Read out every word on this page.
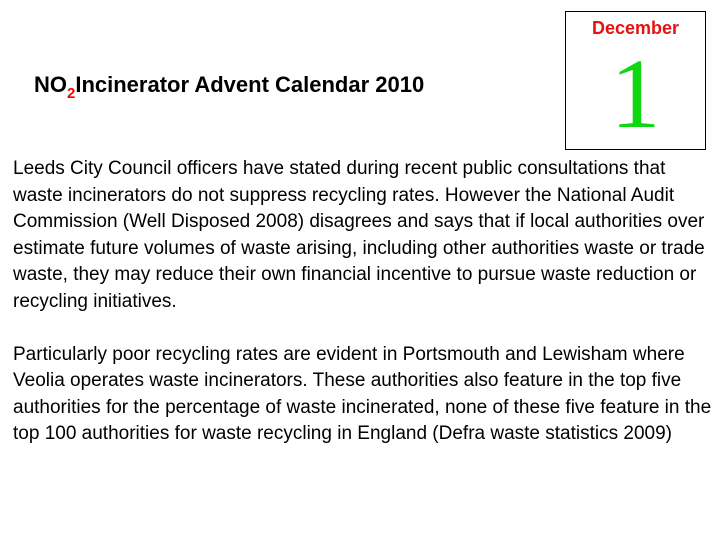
$NO_2Incinerator$ Advent Calendar 2010
December
1

Leeds City Council officers have stated during recent public consultations that waste incinerators do not suppress recycling rates. However the National Audit Commission (Well Disposed 2008) disagrees and says that if local authorities over estimate future volumes of waste arising, including other authorities waste or trade waste, they may reduce their own financial incentive to pursue waste reduction or recycling initiatives.

Particularly poor recycling rates are evident in Portsmouth and Lewisham where Veolia operates waste incinerators. These authorities also feature in the top five authorities for the percentage of waste incinerated, none of these five feature in the top 100 authorities for waste recycling in England (Defra waste statistics 2009)
